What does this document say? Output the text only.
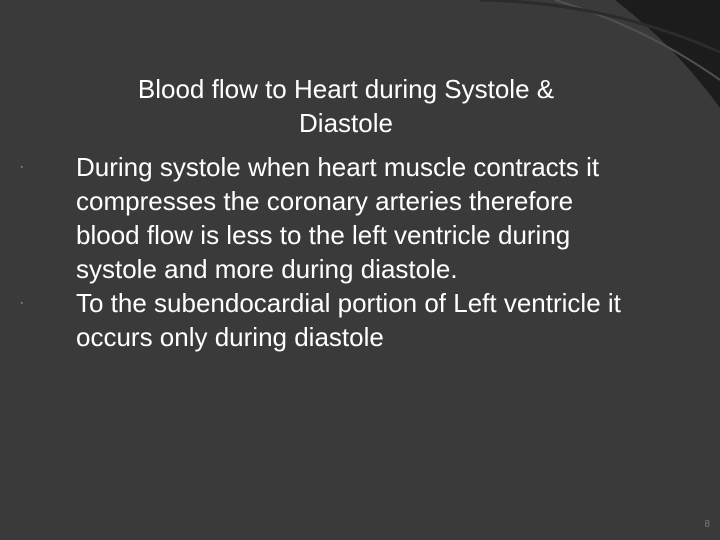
Blood flow to Heart during Systole &
Diastole
· During systole when heart muscle contracts it compresses the coronary arteries therefore blood flow is less to the left ventricle during systole and more during diastole.
· To the subendocardial portion of Left ventricle it occurs only during diastole
8
